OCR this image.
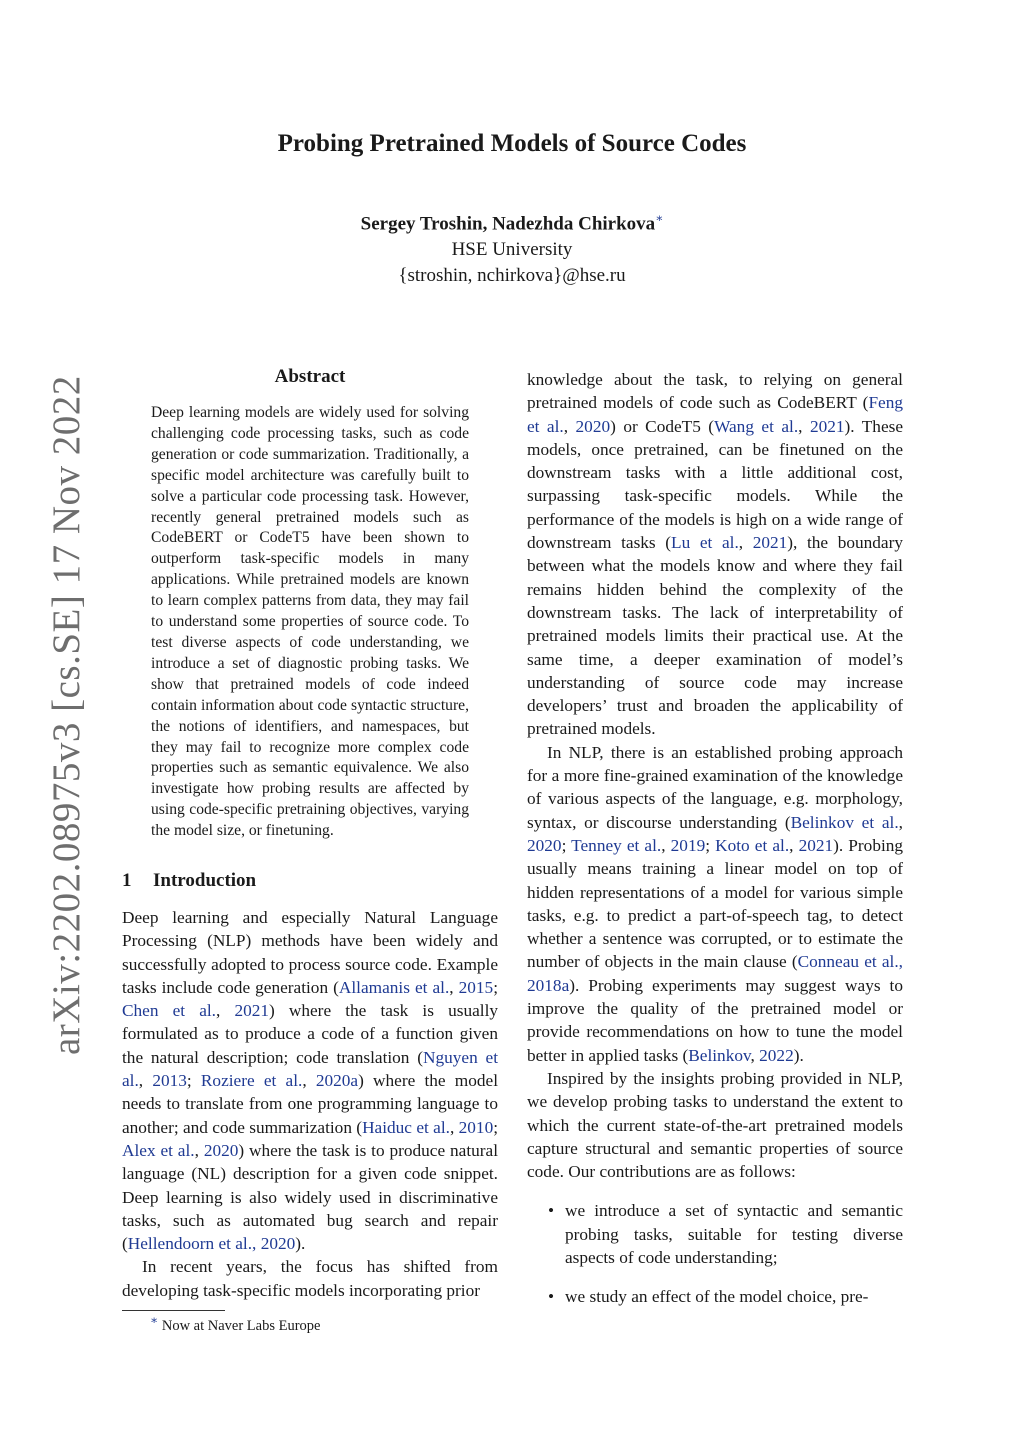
arXiv:2202.08975v3 [cs.SE] 17 Nov 2022
Probing Pretrained Models of Source Codes
Sergey Troshin, Nadezhda Chirkova∗
HSE University
{stroshin, nchirkova}@hse.ru
Abstract

Deep learning models are widely used for solving challenging code processing tasks, such as code generation or code summarization. Traditionally, a specific model architecture was carefully built to solve a particular code processing task. However, recently general pretrained models such as CodeBERT or CodeT5 have been shown to outperform task-specific models in many applications. While pretrained models are known to learn complex patterns from data, they may fail to understand some properties of source code. To test diverse aspects of code understanding, we introduce a set of diagnostic probing tasks. We show that pretrained models of code indeed contain information about code syntactic structure, the notions of identifiers, and namespaces, but they may fail to recognize more complex code properties such as semantic equivalence. We also investigate how probing results are affected by using code-specific pretraining objectives, varying the model size, or finetuning.

1 Introduction

Deep learning and especially Natural Language Processing (NLP) methods have been widely and successfully adopted to process source code. Example tasks include code generation (Allamanis et al., 2015; Chen et al., 2021) where the task is usually formulated as to produce a code of a function given the natural description; code translation (Nguyen et al., 2013; Roziere et al., 2020a) where the model needs to translate from one programming language to another; and code summarization (Haiduc et al., 2010; Alex et al., 2020) where the task is to produce natural language (NL) description for a given code snippet. Deep learning is also widely used in discriminative tasks, such as automated bug search and repair (Hellendoorn et al., 2020).

In recent years, the focus has shifted from developing task-specific models incorporating prior

knowledge about the task, to relying on general pretrained models of code such as CodeBERT (Feng et al., 2020) or CodeT5 (Wang et al., 2021). These models, once pretrained, can be finetuned on the downstream tasks with a little additional cost, surpassing task-specific models. While the performance of the models is high on a wide range of downstream tasks (Lu et al., 2021), the boundary between what the models know and where they fail remains hidden behind the complexity of the downstream tasks. The lack of interpretability of pretrained models limits their practical use. At the same time, a deeper examination of model’s understanding of source code may increase developers’ trust and broaden the applicability of pretrained models.

In NLP, there is an established probing approach for a more fine-grained examination of the knowledge of various aspects of the language, e.g. morphology, syntax, or discourse understanding (Belinkov et al., 2020; Tenney et al., 2019; Koto et al., 2021). Probing usually means training a linear model on top of hidden representations of a model for various simple tasks, e.g. to predict a part-of-speech tag, to detect whether a sentence was corrupted, or to estimate the number of objects in the main clause (Conneau et al., 2018a). Probing experiments may suggest ways to improve the quality of the pretrained model or provide recommendations on how to tune the model better in applied tasks (Belinkov, 2022).

Inspired by the insights probing provided in NLP, we develop probing tasks to understand the extent to which the current state-of-the-art pretrained models capture structural and semantic properties of source code. Our contributions are as follows:

• we introduce a set of syntactic and semantic probing tasks, suitable for testing diverse aspects of code understanding;
• we study an effect of the model choice, pre-
∗ Now at Naver Labs Europe
